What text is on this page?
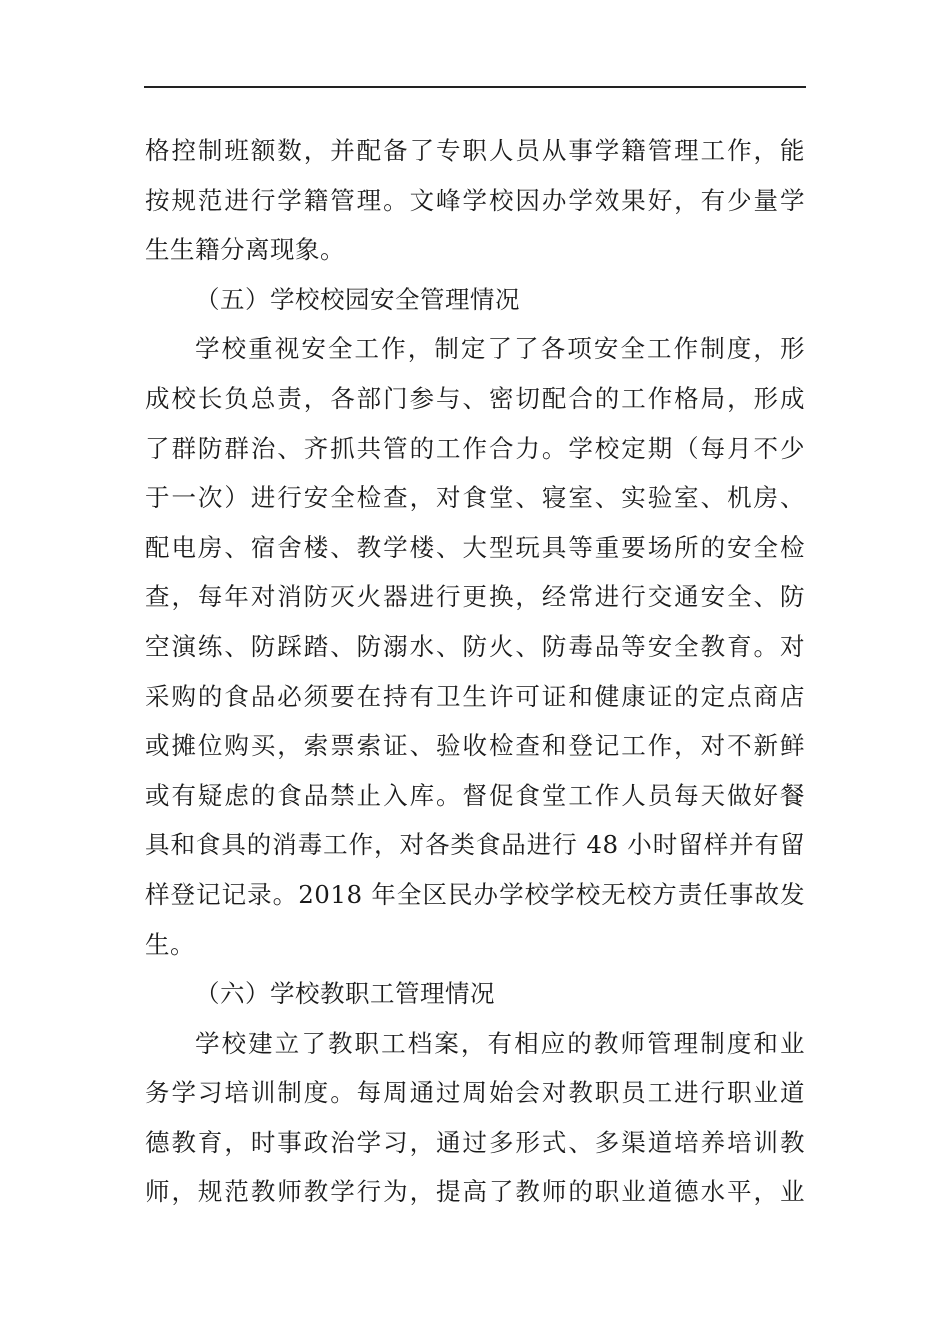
格控制班额数，并配备了专职人员从事学籍管理工作，能
按规范进行学籍管理。文峰学校因办学效果好，有少量学
生生籍分离现象。
（五）学校校园安全管理情况
学校重视安全工作，制定了了各项安全工作制度，形
成校长负总责，各部门参与、密切配合的工作格局，形成
了群防群治、齐抓共管的工作合力。学校定期（每月不少
于一次）进行安全检查，对食堂、寝室、实验室、机房、
配电房、宿舍楼、教学楼、大型玩具等重要场所的安全检
查，每年对消防灭火器进行更换，经常进行交通安全、防
空演练、防踩踏、防溺水、防火、防毒品等安全教育。对
采购的食品必须要在持有卫生许可证和健康证的定点商店
或摊位购买，索票索证、验收检查和登记工作，对不新鲜
或有疑虑的食品禁止入库。督促食堂工作人员每天做好餐
具和食具的消毒工作，对各类食品进行 48 小时留样并有留
样登记记录。2018 年全区民办学校学校无校方责任事故发
生。
（六）学校教职工管理情况
学校建立了教职工档案，有相应的教师管理制度和业
务学习培训制度。每周通过周始会对教职员工进行职业道
德教育，时事政治学习，通过多形式、多渠道培养培训教
师，规范教师教学行为，提高了教师的职业道德水平，业
